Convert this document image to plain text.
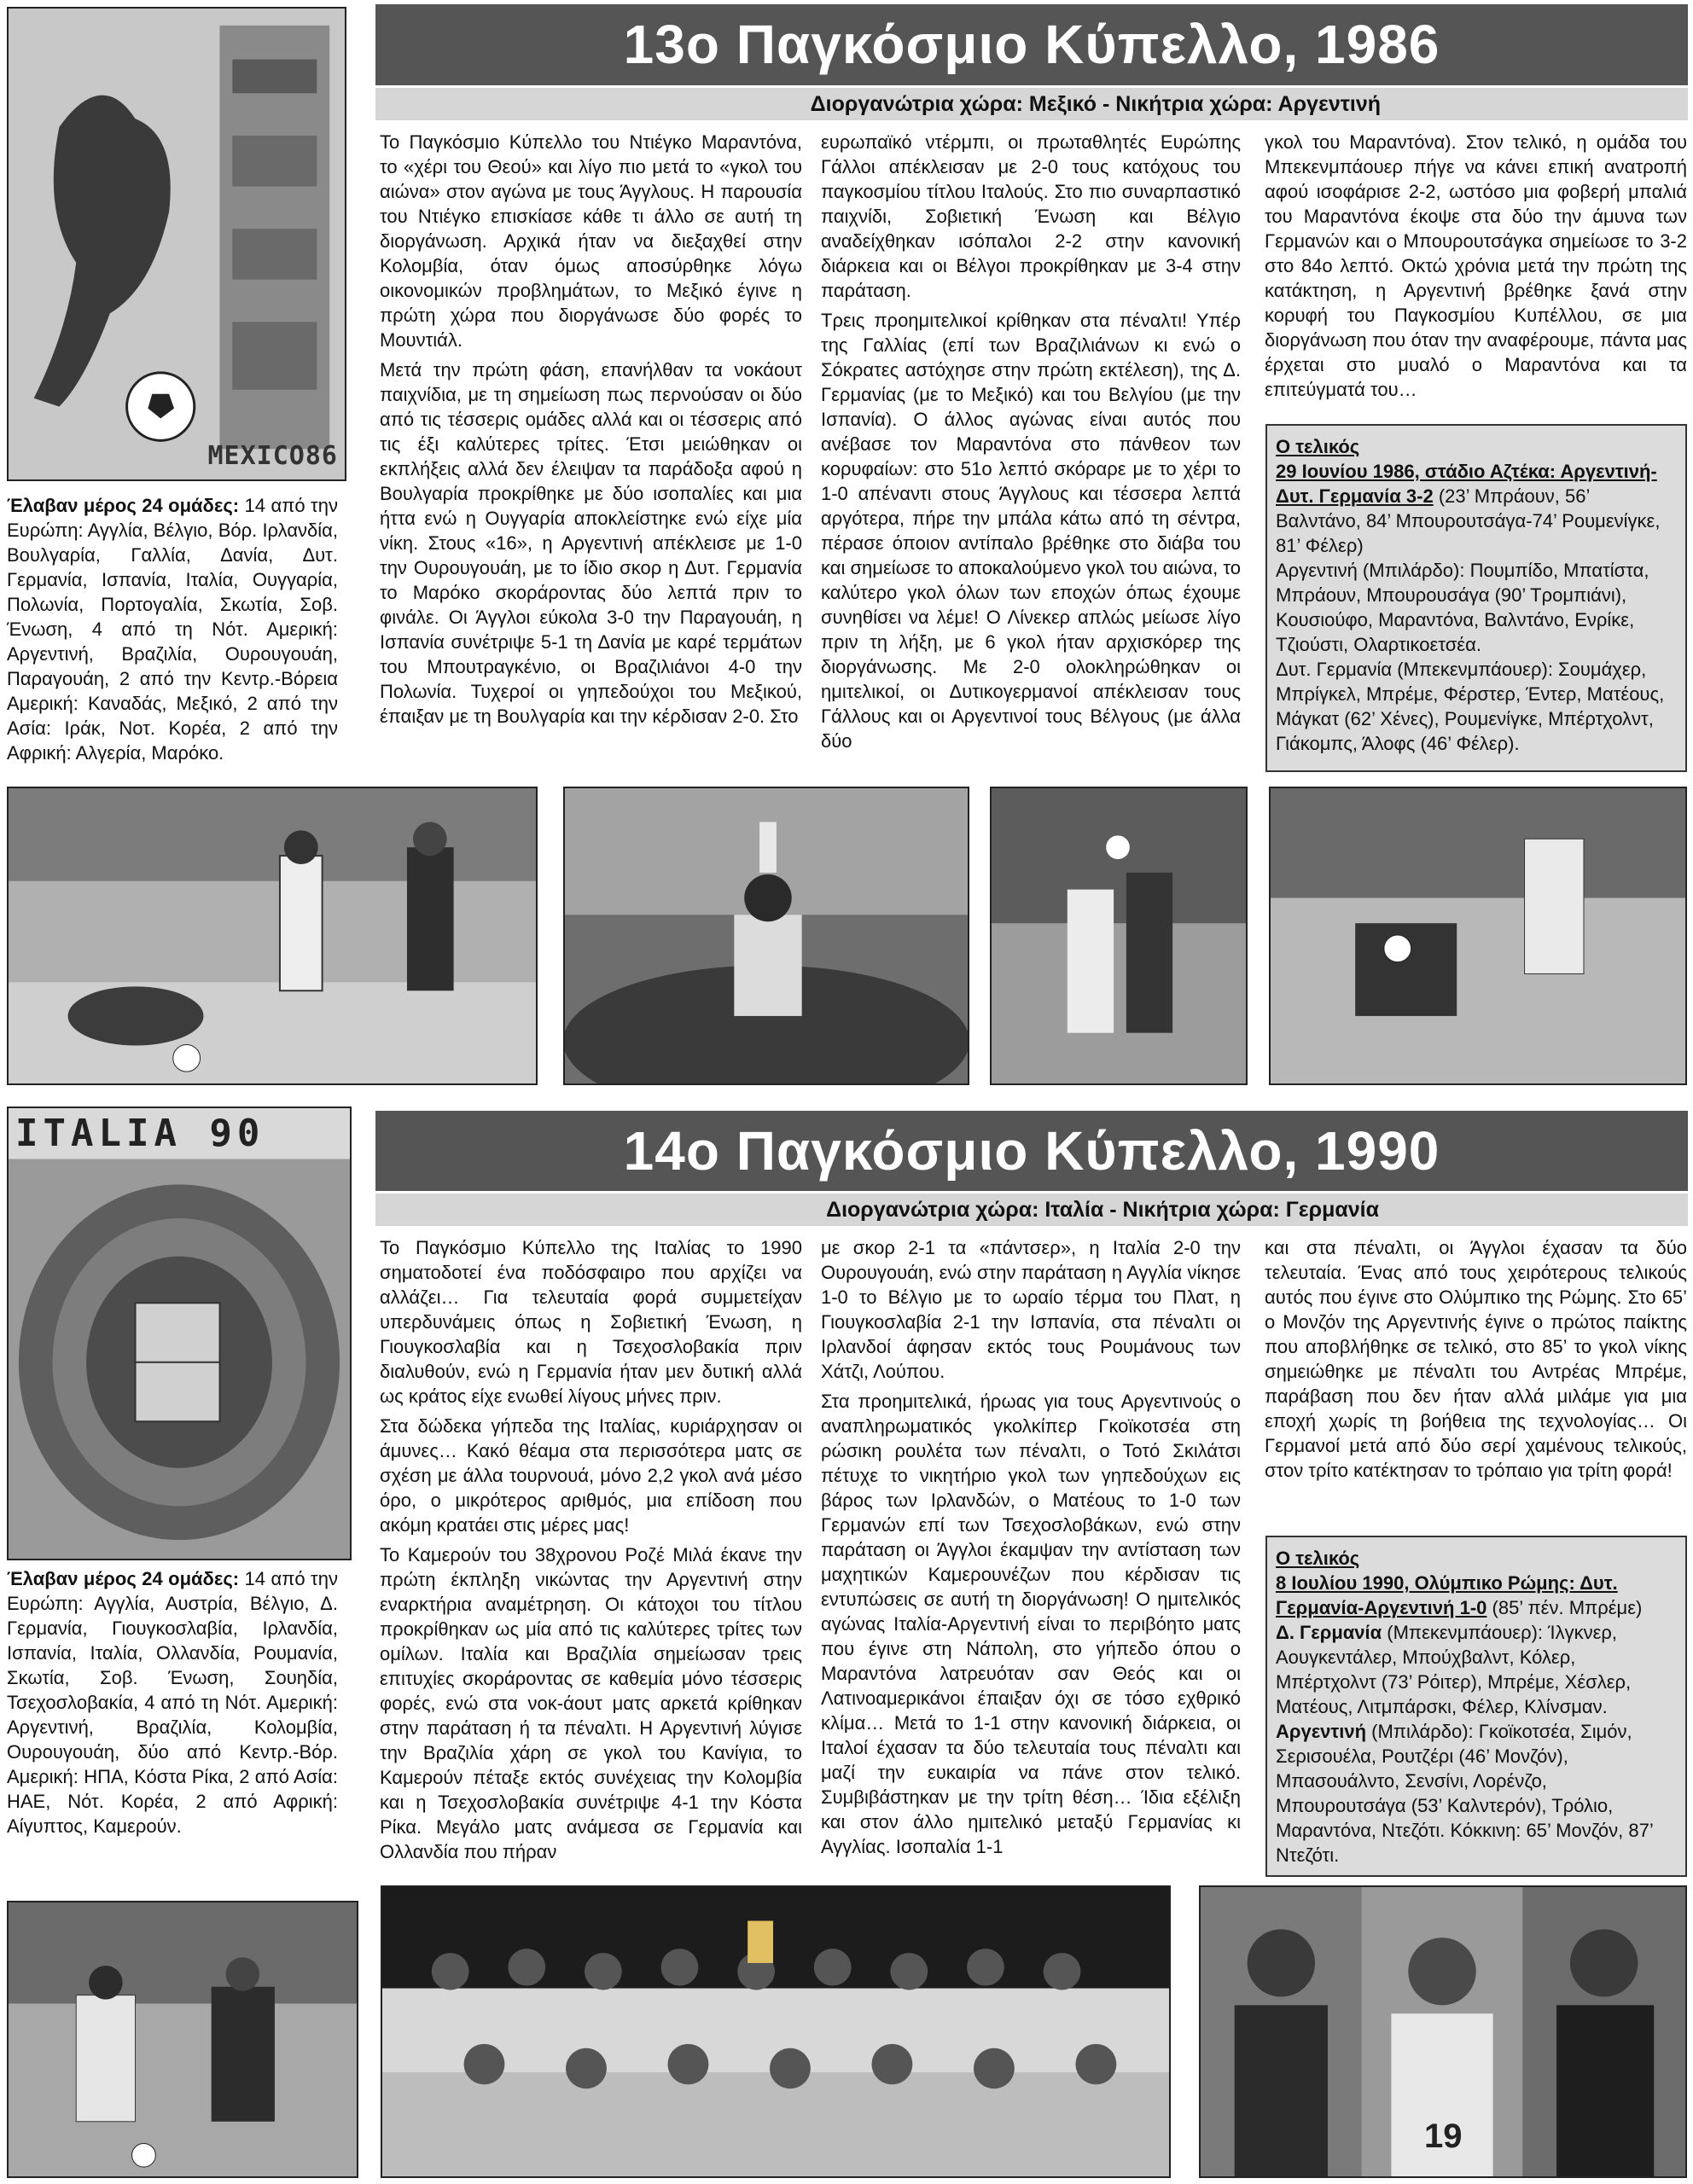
MEXICO86
13ο Παγκόσμιο Κύπελλο, 1986
Διοργανώτρια χώρα: Μεξικό - Νικήτρια χώρα: Αργεντινή
Έλαβαν μέρος 24 ομάδες: 14 από την Ευρώπη: Αγγλία, Βέλγιο, Βόρ. Ιρλανδία, Βουλγαρία, Γαλλία, Δανία, Δυτ. Γερμανία, Ισπανία, Ιταλία, Ουγγαρία, Πολωνία, Πορτογαλία, Σκωτία, Σοβ. Ένωση, 4 από τη Νότ. Αμερική: Αργεντινή, Βραζιλία, Ουρουγουάη, Παραγουάη, 2 από την Κεντρ.-Βόρεια Αμερική: Καναδάς, Μεξικό, 2 από την Ασία: Ιράκ, Νοτ. Κορέα, 2 από την Αφρική: Αλγερία, Μαρόκο.

Το Παγκόσμιο Κύπελλο του Ντιέγκο Μαραντόνα, το «χέρι του Θεού» και λίγο πιο μετά το «γκολ του αιώνα» στον αγώνα με τους Άγγλους. Η παρουσία του Ντιέγκο επισκίασε κάθε τι άλλο σε αυτή τη διοργάνωση. Αρχικά ήταν να διεξαχθεί στην Κολομβία, όταν όμως αποσύρθηκε λόγω οικονομικών προβλημάτων, το Μεξικό έγινε η πρώτη χώρα που διοργάνωσε δύο φορές το Μουντιάλ.

Μετά την πρώτη φάση, επανήλθαν τα νοκάουτ παιχνίδια, με τη σημείωση πως περνούσαν οι δύο από τις τέσσερις ομάδες αλλά και οι τέσσερις από τις έξι καλύτερες τρίτες. Έτσι μειώθηκαν οι εκπλήξεις αλλά δεν έλειψαν τα παράδοξα αφού η Βουλγαρία προκρίθηκε με δύο ισοπαλίες και μια ήττα ενώ η Ουγγαρία αποκλείστηκε ενώ είχε μία νίκη. Στους «16», η Αργεντινή απέκλεισε με 1-0 την Ουρουγουάη, με το ίδιο σκορ η Δυτ. Γερμανία το Μαρόκο σκοράροντας δύο λεπτά πριν το φινάλε. Οι Άγγλοι εύκολα 3-0 την Παραγουάη, η Ισπανία συνέτριψε 5-1 τη Δανία με καρέ τερμάτων του Μπουτραγκένιο, οι Βραζιλιάνοι 4-0 την Πολωνία. Τυχεροί οι γηπεδούχοι του Μεξικού, έπαιξαν με τη Βουλγαρία και την κέρδισαν 2-0. Στο

ευρωπαϊκό ντέρμπι, οι πρωταθλητές Ευρώπης Γάλλοι απέκλεισαν με 2-0 τους κατόχους του παγκοσμίου τίτλου Ιταλούς. Στο πιο συναρπαστικό παιχνίδι, Σοβιετική Ένωση και Βέλγιο αναδείχθηκαν ισόπαλοι 2-2 στην κανονική διάρκεια και οι Βέλγοι προκρίθηκαν με 3-4 στην παράταση.

Τρεις προημιτελικοί κρίθηκαν στα πέναλτι! Υπέρ της Γαλλίας (επί των Βραζιλιάνων κι ενώ ο Σόκρατες αστόχησε στην πρώτη εκτέλεση), της Δ. Γερμανίας (με το Μεξικό) και του Βελγίου (με την Ισπανία). Ο άλλος αγώνας είναι αυτός που ανέβασε τον Μαραντόνα στο πάνθεον των κορυφαίων: στο 51ο λεπτό σκόραρε με το χέρι το 1-0 απέναντι στους Άγγλους και τέσσερα λεπτά αργότερα, πήρε την μπάλα κάτω από τη σέντρα, πέρασε όποιον αντίπαλο βρέθηκε στο διάβα του και σημείωσε το αποκαλούμενο γκολ του αιώνα, το καλύτερο γκολ όλων των εποχών όπως έχουμε συνηθίσει να λέμε! Ο Λίνεκερ απλώς μείωσε λίγο πριν τη λήξη, με 6 γκολ ήταν αρχισκόρερ της διοργάνωσης. Με 2-0 ολοκληρώθηκαν οι ημιτελικοί, οι Δυτικογερμανοί απέκλεισαν τους Γάλλους και οι Αργεντινοί τους Βέλγους (με άλλα δύο

γκολ του Μαραντόνα). Στον τελικό, η ομάδα του Μπεκενμπάουερ πήγε να κάνει επική ανατροπή αφού ισοφάρισε 2-2, ωστόσο μια φοβερή μπαλιά του Μαραντόνα έκοψε στα δύο την άμυνα των Γερμανών και ο Μπουρουτσάγκα σημείωσε το 3-2 στο 84ο λεπτό. Οκτώ χρόνια μετά την πρώτη της κατάκτηση, η Αργεντινή βρέθηκε ξανά στην κορυφή του Παγκοσμίου Κυπέλλου, σε μια διοργάνωση που όταν την αναφέρουμε, πάντα μας έρχεται στο μυαλό ο Μαραντόνα και τα επιτεύγματά του…

Ο τελικός

29 Ιουνίου 1986, στάδιο Αζτέκα: Αργεντινή-Δυτ. Γερμανία 3-2 (23’ Μπράουν, 56’ Βαλντάνο, 84’ Μπουρουτσάγα-74’ Ρουμενίγκε, 81’ Φέλερ)

Αργεντινή (Μπιλάρδο): Πουμπίδο, Μπατίστα, Μπράουν, Μπουρουσάγα (90’ Τρομπιάνι), Κουσιούφο, Μαραντόνα, Βαλντάνο, Ενρίκε, Τζιούστι, Ολαρτικοετσέα.

Δυτ. Γερμανία (Μπεκενμπάουερ): Σουμάχερ, Μπρίγκελ, Μπρέμε, Φέρστερ, Έντερ, Ματέους, Μάγκατ (62’ Χένες), Ρουμενίγκε, Μπέρτχολντ, Γιάκομπς, Άλοφς (46’ Φέλερ).

ITALIA 90	14ο Παγκόσμιο Κύπελλο, 1990
Διοργανώτρια χώρα: Ιταλία - Νικήτρια χώρα: Γερμανία
Έλαβαν μέρος 24 ομάδες: 14 από την Ευρώπη: Αγγλία, Αυστρία, Βέλγιο, Δ. Γερμανία, Γιουγκοσλαβία, Ιρλανδία, Ισπανία, Ιταλία, Ολλανδία, Ρουμανία, Σκωτία, Σοβ. Ένωση, Σουηδία, Τσεχοσλοβακία, 4 από τη Νότ. Αμερική: Αργεντινή, Βραζιλία, Κολομβία, Ουρουγουάη, δύο από Κεντρ.-Βόρ. Αμερική: ΗΠΑ, Κόστα Ρίκα, 2 από Ασία: ΗΑΕ, Νότ. Κορέα, 2 από Αφρική: Αίγυπτος, Καμερούν.

Το Παγκόσμιο Κύπελλο της Ιταλίας το 1990 σηματοδοτεί ένα ποδόσφαιρο που αρχίζει να αλλάζει… Για τελευταία φορά συμμετείχαν υπερδυνάμεις όπως η Σοβιετική Ένωση, η Γιουγκοσλαβία και η Τσεχοσλοβακία πριν διαλυθούν, ενώ η Γερμανία ήταν μεν δυτική αλλά ως κράτος είχε ενωθεί λίγους μήνες πριν.

Στα δώδεκα γήπεδα της Ιταλίας, κυριάρχησαν οι άμυνες… Κακό θέαμα στα περισσότερα ματς σε σχέση με άλλα τουρνουά, μόνο 2,2 γκολ ανά μέσο όρο, ο μικρότερος αριθμός, μια επίδοση που ακόμη κρατάει στις μέρες μας!

Το Καμερούν του 38χρονου Ροζέ Μιλά έκανε την πρώτη έκπληξη νικώντας την Αργεντινή στην εναρκτήρια αναμέτρηση. Οι κάτοχοι του τίτλου προκρίθηκαν ως μία από τις καλύτερες τρίτες των ομίλων. Ιταλία και Βραζιλία σημείωσαν τρεις επιτυχίες σκοράροντας σε καθεμία μόνο τέσσερις φορές, ενώ στα νοκ-άουτ ματς αρκετά κρίθηκαν στην παράταση ή τα πέναλτι. Η Αργεντινή λύγισε την Βραζιλία χάρη σε γκολ του Κανίγια, το Καμερούν πέταξε εκτός συνέχειας την Κολομβία και η Τσεχοσλοβακία συνέτριψε 4-1 την Κόστα Ρίκα. Μεγάλο ματς ανάμεσα σε Γερμανία και Ολλανδία που πήραν

με σκορ 2-1 τα «πάντσερ», η Ιταλία 2-0 την Ουρουγουάη, ενώ στην παράταση η Αγγλία νίκησε 1-0 το Βέλγιο με το ωραίο τέρμα του Πλατ, η Γιουγκοσλαβία 2-1 την Ισπανία, στα πέναλτι οι Ιρλανδοί άφησαν εκτός τους Ρουμάνους των Χάτζι, Λούπου.

Στα προημιτελικά, ήρωας για τους Αργεντινούς ο αναπληρωματικός γκολκίπερ Γκοϊκοτσέα στη ρώσικη ρουλέτα των πέναλτι, ο Τοτό Σκιλάτσι πέτυχε το νικητήριο γκολ των γηπεδούχων εις βάρος των Ιρλανδών, ο Ματέους το 1-0 των Γερμανών επί των Τσεχοσλοβάκων, ενώ στην παράταση οι Άγγλοι έκαμψαν την αντίσταση των μαχητικών Καμερουνέζων που κέρδισαν τις εντυπώσεις σε αυτή τη διοργάνωση! Ο ημιτελικός αγώνας Ιταλία-Αργεντινή είναι το περιβόητο ματς που έγινε στη Νάπολη, στο γήπεδο όπου ο Μαραντόνα λατρευόταν σαν Θεός και οι Λατινοαμερικάνοι έπαιξαν όχι σε τόσο εχθρικό κλίμα… Μετά το 1-1 στην κανονική διάρκεια, οι Ιταλοί έχασαν τα δύο τελευταία τους πέναλτι και μαζί την ευκαιρία να πάνε στον τελικό. Συμβιβάστηκαν με την τρίτη θέση… Ίδια εξέλιξη και στον άλλο ημιτελικό μεταξύ Γερμανίας κι Αγγλίας. Ισοπαλία 1-1

και στα πέναλτι, οι Άγγλοι έχασαν τα δύο τελευταία. Ένας από τους χειρότερους τελικούς αυτός που έγινε στο Ολύμπικο της Ρώμης. Στο 65’ ο Μονζόν της Αργεντινής έγινε ο πρώτος παίκτης που αποβλήθηκε σε τελικό, στο 85’ το γκολ νίκης σημειώθηκε με πέναλτι του Αντρέας Μπρέμε, παράβαση που δεν ήταν αλλά μιλάμε για μια εποχή χωρίς τη βοήθεια της τεχνολογίας… Οι Γερμανοί μετά από δύο σερί χαμένους τελικούς, στον τρίτο κατέκτησαν το τρόπαιο για τρίτη φορά!

Ο τελικός

8 Ιουλίου 1990, Ολύμπικο Ρώμης: Δυτ. Γερμανία-Αργεντινή 1-0 (85’ πέν. Μπρέμε)

Δ. Γερμανία (Μπεκενμπάουερ): Ίλγκνερ, Αουγκεντάλερ, Μπούχβαλντ, Κόλερ, Μπέρτχολντ (73’ Ρόιτερ), Μπρέμε, Χέσλερ, Ματέους, Λιτμπάρσκι, Φέλερ, Κλίνσμαν.

Αργεντινή (Μπιλάρδο): Γκοϊκοτσέα, Σιμόν, Σερισουέλα, Ρουτζέρι (46’ Μονζόν), Μπασουάλντο, Σενσίνι, Λορένζο, Μπουρουτσάγα (53’ Καλντερόν), Τρόλιο, Μαραντόνα, Ντεζότι. Κόκκινη: 65’ Μονζόν, 87’ Ντεζότι.

19
